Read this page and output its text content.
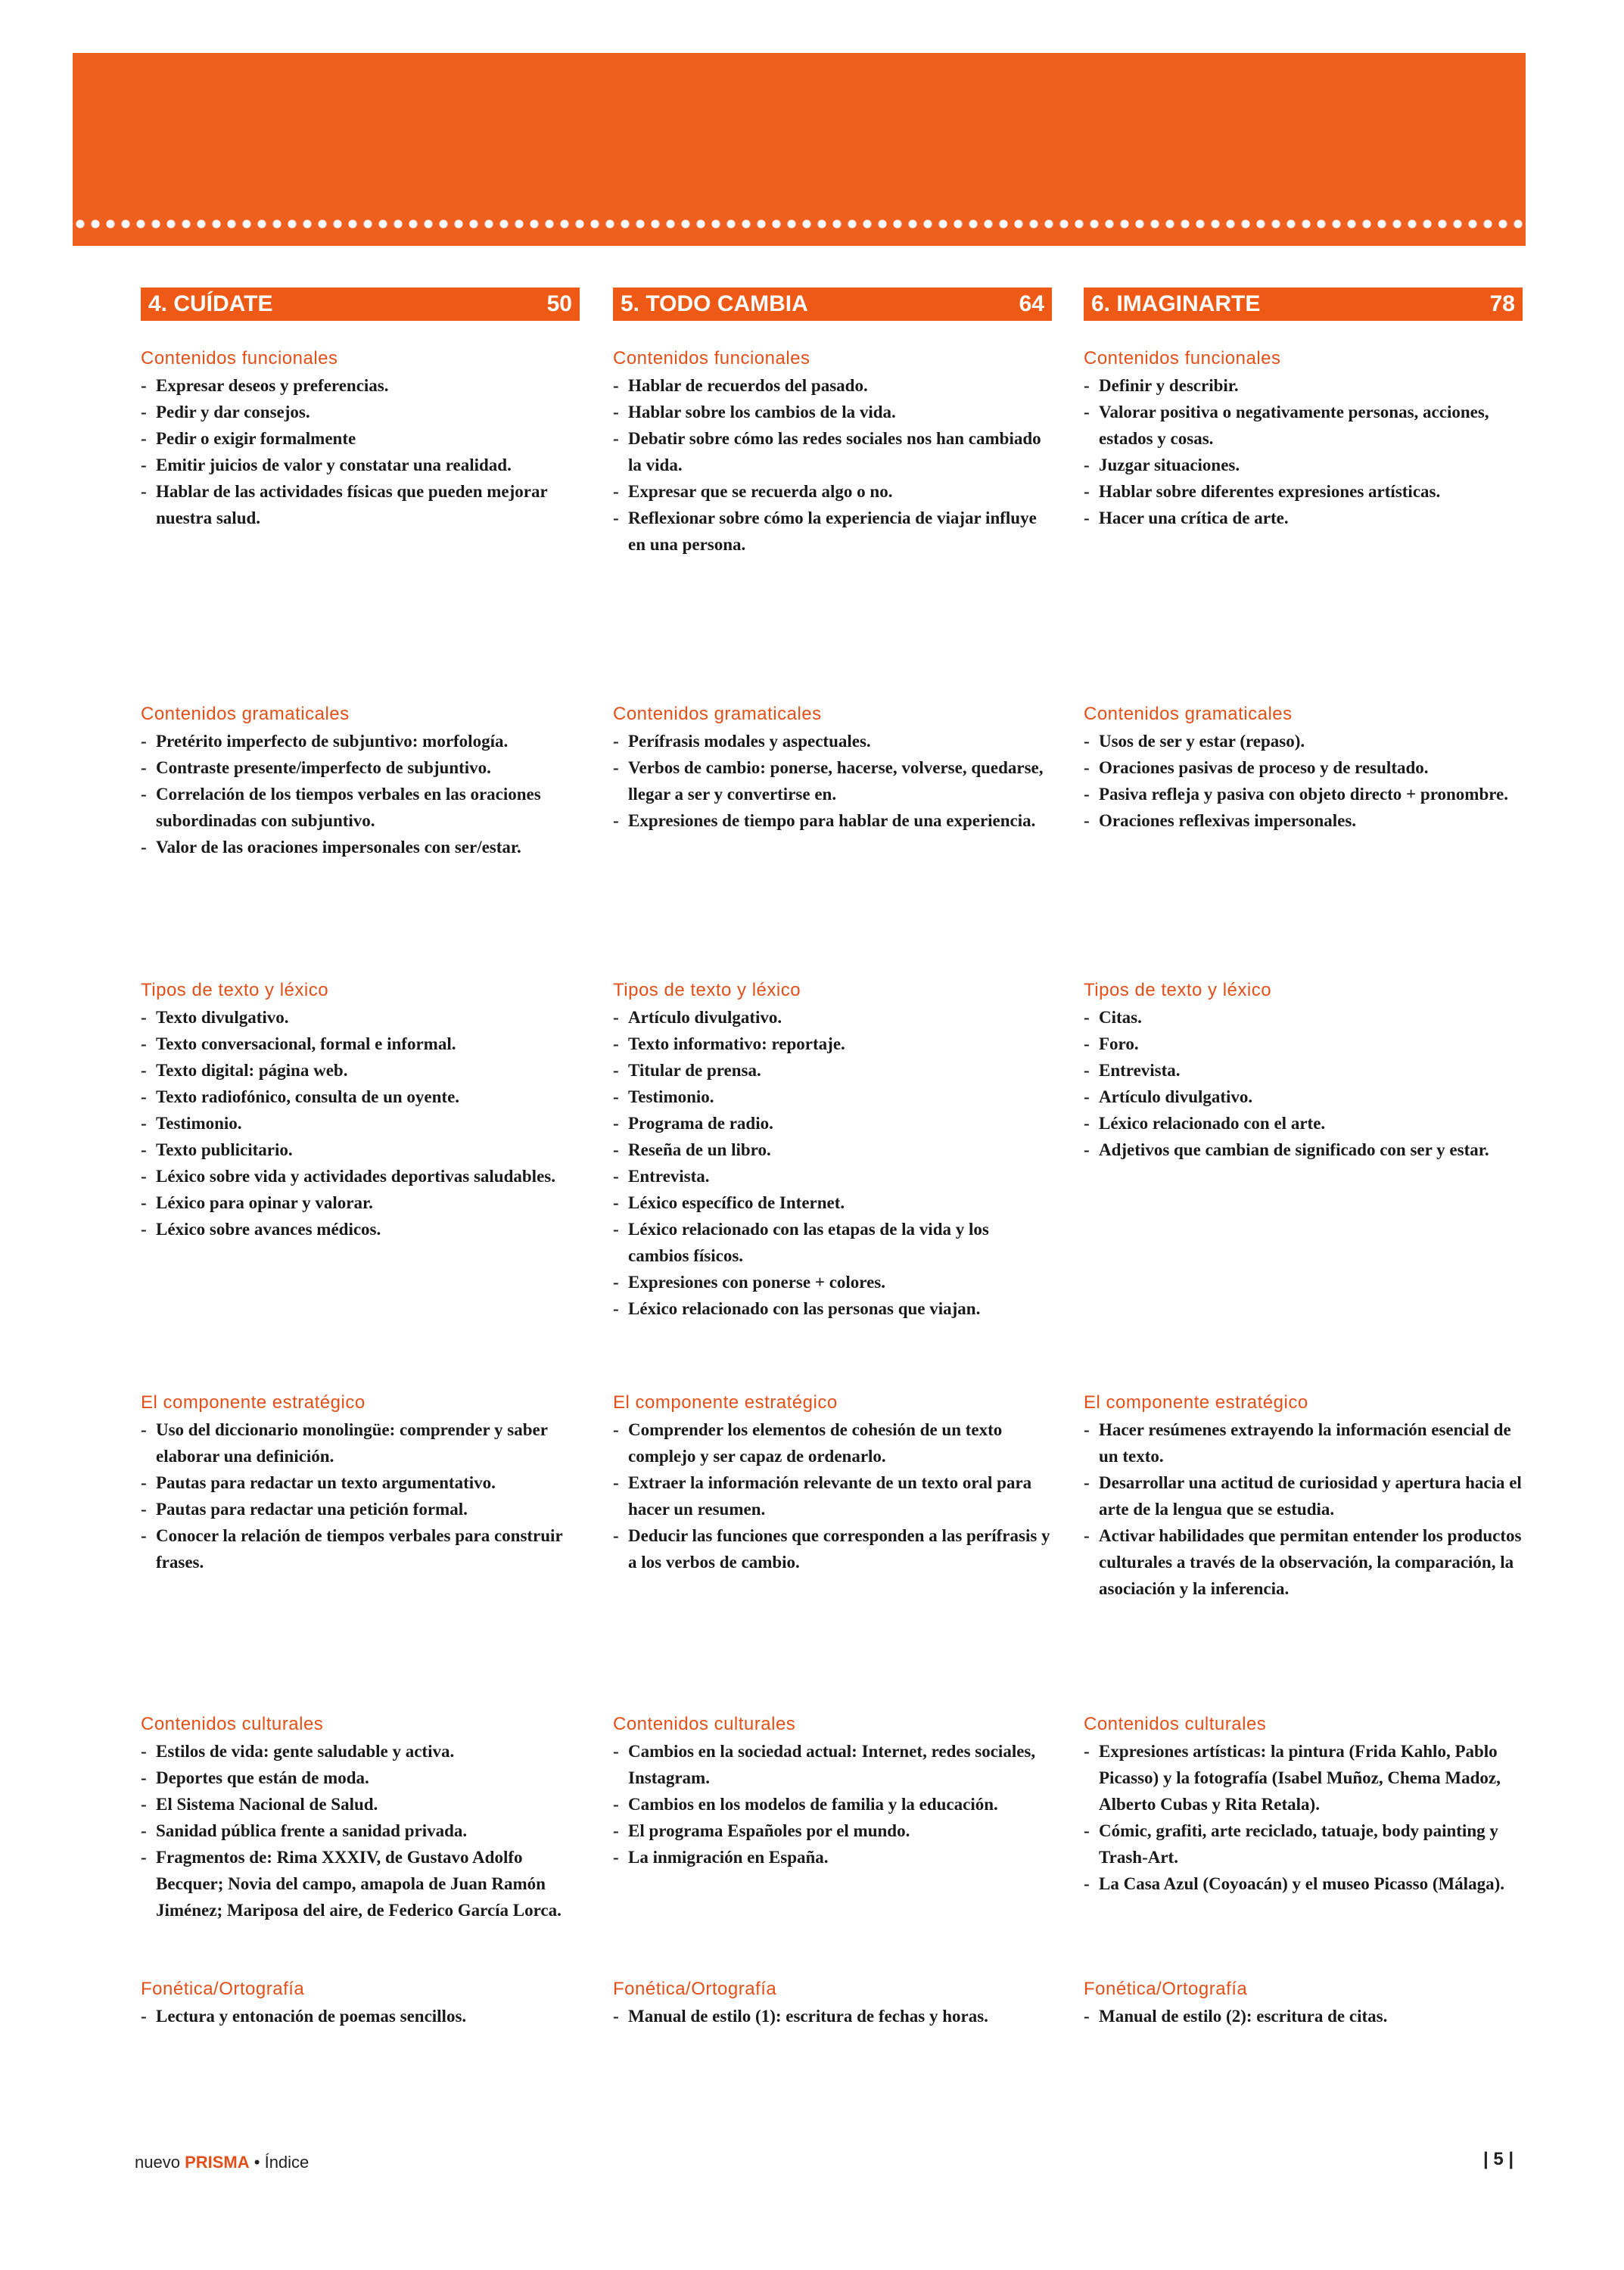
4. CUÍDATE	50
Contenidos funcionales
- Expresar deseos y preferencias.
- Pedir y dar consejos.
- Pedir o exigir formalmente
- Emitir juicios de valor y constatar una realidad.
- Hablar de las actividades físicas que pueden mejorar nuestra salud.
Contenidos gramaticales
- Pretérito imperfecto de subjuntivo: morfología.
- Contraste presente/imperfecto de subjuntivo.
- Correlación de los tiempos verbales en las oraciones subordinadas con subjuntivo.
- Valor de las oraciones impersonales con ser/estar.
Tipos de texto y léxico
- Texto divulgativo.
- Texto conversacional, formal e informal.
- Texto digital: página web.
- Texto radiofónico, consulta de un oyente.
- Testimonio.
- Texto publicitario.
- Léxico sobre vida y actividades deportivas saludables.
- Léxico para opinar y valorar.
- Léxico sobre avances médicos.
El componente estratégico
- Uso del diccionario monolingüe: comprender y saber elaborar una definición.
- Pautas para redactar un texto argumentativo.
- Pautas para redactar una petición formal.
- Conocer la relación de tiempos verbales para construir frases.
Contenidos culturales
- Estilos de vida: gente saludable y activa.
- Deportes que están de moda.
- El Sistema Nacional de Salud.
- Sanidad pública frente a sanidad privada.
- Fragmentos de: Rima XXXIV, de Gustavo Adolfo Becquer; Novia del campo, amapola de Juan Ramón Jiménez; Mariposa del aire, de Federico García Lorca.
Fonética/Ortografía
- Lectura y entonación de poemas sencillos.
5. TODO CAMBIA	64
Contenidos funcionales
- Hablar de recuerdos del pasado.
- Hablar sobre los cambios de la vida.
- Debatir sobre cómo las redes sociales nos han cambiado la vida.
- Expresar que se recuerda algo o no.
- Reflexionar sobre cómo la experiencia de viajar influye en una persona.
Contenidos gramaticales
- Perífrasis modales y aspectuales.
- Verbos de cambio: ponerse, hacerse, volverse, quedarse, llegar a ser y convertirse en.
- Expresiones de tiempo para hablar de una experiencia.
Tipos de texto y léxico
- Artículo divulgativo.
- Texto informativo: reportaje.
- Titular de prensa.
- Testimonio.
- Programa de radio.
- Reseña de un libro.
- Entrevista.
- Léxico específico de Internet.
- Léxico relacionado con las etapas de la vida y los cambios físicos.
- Expresiones con ponerse + colores.
- Léxico relacionado con las personas que viajan.
El componente estratégico
- Comprender los elementos de cohesión de un texto complejo y ser capaz de ordenarlo.
- Extraer la información relevante de un texto oral para hacer un resumen.
- Deducir las funciones que corresponden a las perífrasis y a los verbos de cambio.
Contenidos culturales
- Cambios en la sociedad actual: Internet, redes sociales, Instagram.
- Cambios en los modelos de familia y la educación.
- El programa Españoles por el mundo.
- La inmigración en España.
Fonética/Ortografía
- Manual de estilo (1): escritura de fechas y horas.
6. IMAGINARTE	78
Contenidos funcionales
- Definir y describir.
- Valorar positiva o negativamente personas, acciones, estados y cosas.
- Juzgar situaciones.
- Hablar sobre diferentes expresiones artísticas.
- Hacer una crítica de arte.
Contenidos gramaticales
- Usos de ser y estar (repaso).
- Oraciones pasivas de proceso y de resultado.
- Pasiva refleja y pasiva con objeto directo + pronombre.
- Oraciones reflexivas impersonales.
Tipos de texto y léxico
- Citas.
- Foro.
- Entrevista.
- Artículo divulgativo.
- Léxico relacionado con el arte.
- Adjetivos que cambian de significado con ser y estar.
El componente estratégico
- Hacer resúmenes extrayendo la información esencial de un texto.
- Desarrollar una actitud de curiosidad y apertura hacia el arte de la lengua que se estudia.
- Activar habilidades que permitan entender los productos culturales a través de la observación, la comparación, la asociación y la inferencia.
Contenidos culturales
- Expresiones artísticas: la pintura (Frida Kahlo, Pablo Picasso) y la fotografía (Isabel Muñoz, Chema Madoz, Alberto Cubas y Rita Retala).
- Cómic, grafiti, arte reciclado, tatuaje, body painting y Trash-Art.
- La Casa Azul (Coyoacán) y el museo Picasso (Málaga).
Fonética/Ortografía
- Manual de estilo (2): escritura de citas.
nuevo PRISMA • Índice	| 5 |
